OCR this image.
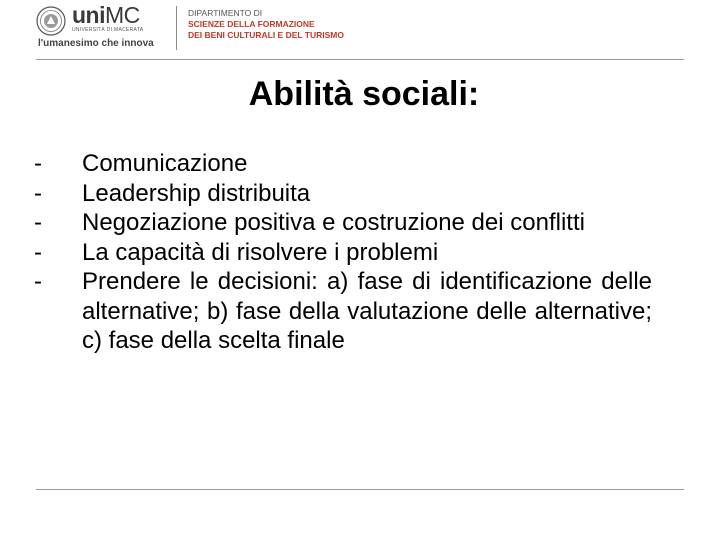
uniMC
UNIVERSITÀ DI MACERATA
l'umanesimo che innova
DIPARTIMENTO DI
SCIENZE DELLA FORMAZIONE
DEI BENI CULTURALI E DEL TURISMO
Abilità sociali:
-	Comunicazione
-	Leadership distribuita
-	Negoziazione positiva e costruzione dei conflitti
-	La capacità di risolvere i problemi
-	Prendere le decisioni: a) fase di identificazione delle alternative; b) fase della valutazione delle alternative; c) fase della scelta finale
